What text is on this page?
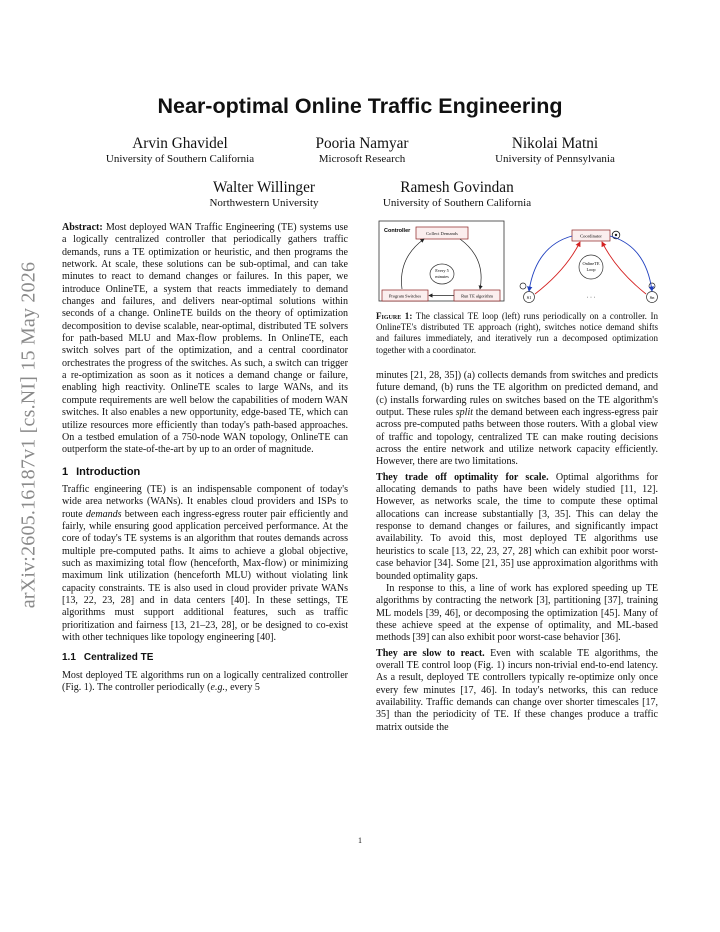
arXiv:2605.16187v1 [cs.NI] 15 May 2026
Near-optimal Online Traffic Engineering
Arvin Ghavidel
University of Southern California
Pooria Namyar
Microsoft Research
Nikolai Matni
University of Pennsylvania
Walter Willinger
Northwestern University
Ramesh Govindan
University of Southern California

Abstract: Most deployed WAN Traffic Engineering (TE) systems use a logically centralized controller that periodically gathers traffic demands, runs a TE optimization or heuristic, and then programs the network. At scale, these solutions can be sub-optimal, and can take minutes to react to demand changes or failures. In this paper, we introduce OnlineTE, a system that reacts immediately to demand changes and failures, and delivers near-optimal solutions within seconds of a change. OnlineTE builds on the theory of optimization decomposition to devise scalable, near-optimal, distributed TE solvers for path-based MLU and Max-flow problems. In OnlineTE, each switch solves part of the optimization, and a central coordinator orchestrates the progress of the switches. As such, a switch can trigger a re-optimization as soon as it notices a demand change or failure, enabling high reactivity. OnlineTE scales to large WANs, and its compute requirements are well below the capabilities of modern WAN switches. It also enables a new opportunity, edge-based TE, which can utilize resources more efficiently than today's path-based approaches. On a testbed emulation of a 750-node WAN topology, OnlineTE can outperform the state-of-the-art by up to an order of magnitude.

1 Introduction

Traffic engineering (TE) is an indispensable component of today's wide area networks (WANs). It enables cloud providers and ISPs to route demands between each ingress-egress router pair efficiently and fairly, while ensuring good application perceived performance. At the core of today's TE systems is an algorithm that routes demands across multiple pre-computed paths. It aims to achieve a global objective, such as maximizing total flow (henceforth, Max-flow) or minimizing maximum link utilization (henceforth MLU) without violating link capacity constraints. TE is also used in cloud provider private WANs [13, 22, 23, 28] and in data centers [40]. In these settings, TE algorithms must support additional features, such as traffic prioritization and fairness [13, 21–23, 28], or be designed to co-exist with other techniques like topology engineering [40].

1.1 Centralized TE

Most deployed TE algorithms run on a logically centralized controller (Fig. 1). The controller periodically (e.g., every 5

Controller	Collect Demands
Every 5
minutes
Program Switches	Run TE algorithm
Coordinator
OnlineTE
Loop
S1	Sn
· · ·
Figure 1: The classical TE loop (left) runs periodically on a controller. In OnlineTE's distributed TE approach (right), switches notice demand shifts and failures immediately, and iteratively run a decomposed optimization together with a coordinator.

minutes [21, 28, 35]) (a) collects demands from switches and predicts future demand, (b) runs the TE algorithm on predicted demand, and (c) installs forwarding rules on switches based on the TE algorithm's output. These rules split the demand between each ingress-egress pair across pre-computed paths between those routers. With a global view of traffic and topology, centralized TE can make routing decisions across the entire network and utilize network capacity efficiently. However, there are two limitations.

They trade off optimality for scale. Optimal algorithms for allocating demands to paths have been widely studied [11, 12]. However, as networks scale, the time to compute these optimal allocations can increase substantially [3, 35]. This can delay the response to demand changes or failures, and significantly impact availability. To avoid this, most deployed TE algorithms use heuristics to scale [13, 22, 23, 27, 28] which can exhibit poor worst-case behavior [34]. Some [21, 35] use approximation algorithms with bounded optimality gaps.

In response to this, a line of work has explored speeding up TE algorithms by contracting the network [3], partitioning [37], training ML models [39, 46], or decomposing the optimization [45]. Many of these achieve speed at the expense of optimality, and ML-based methods [39] can also exhibit poor worst-case behavior [36].

They are slow to react. Even with scalable TE algorithms, the overall TE control loop (Fig. 1) incurs non-trivial end-to-end latency. As a result, deployed TE controllers typically re-optimize only once every few minutes [17, 46]. In today's networks, this can reduce availability. Traffic demands can change over shorter timescales [17, 35] than the periodicity of TE. If these changes produce a traffic matrix outside the

1
